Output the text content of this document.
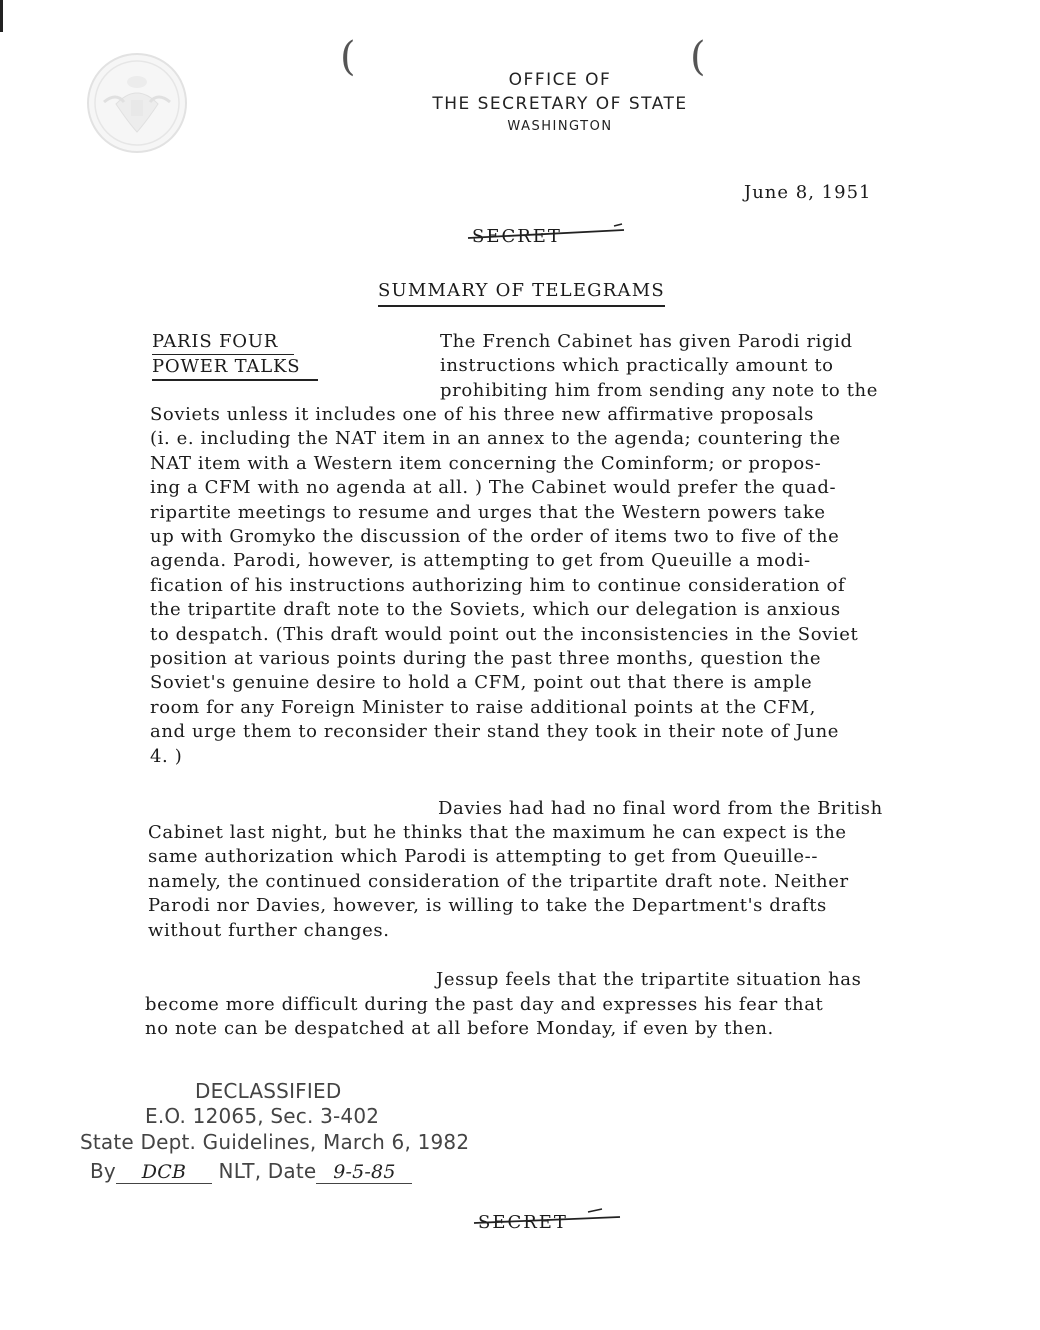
OFFICE OF
THE SECRETARY OF STATE
WASHINGTON
(	(
June 8, 1951
SECRET
SUMMARY OF TELEGRAMS
PARIS FOUR
POWER TALKS
The French Cabinet has given Parodi rigid
instructions which practically amount to
prohibiting him from sending any note to the
Soviets unless it includes one of his three new affirmative proposals
(i. e. including the NAT item in an annex to the agenda; countering the
NAT item with a Western item concerning the Cominform; or propos-
ing a CFM with no agenda at all. ) The Cabinet would prefer the quad-
ripartite meetings to resume and urges that the Western powers take
up with Gromyko the discussion of the order of items two to five of the
agenda. Parodi, however, is attempting to get from Queuille a modi-
fication of his instructions authorizing him to continue consideration of
the tripartite draft note to the Soviets, which our delegation is anxious
to despatch. (This draft would point out the inconsistencies in the Soviet
position at various points during the past three months, question the
Soviet's genuine desire to hold a CFM, point out that there is ample
room for any Foreign Minister to raise additional points at the CFM,
and urge them to reconsider their stand they took in their note of June
4. )
Davies had had no final word from the British
Cabinet last night, but he thinks that the maximum he can expect is the
same authorization which Parodi is attempting to get from Queuille--
namely, the continued consideration of the tripartite draft note. Neither
Parodi nor Davies, however, is willing to take the Department's drafts
without further changes.
Jessup feels that the tripartite situation has
become more difficult during the past day and expresses his fear that
no note can be despatched at all before Monday, if even by then.
DECLASSIFIED
E.O. 12065, Sec. 3-402
State Dept. Guidelines, March 6, 1982
By DCB NLT, Date 9-5-85
SECRET
